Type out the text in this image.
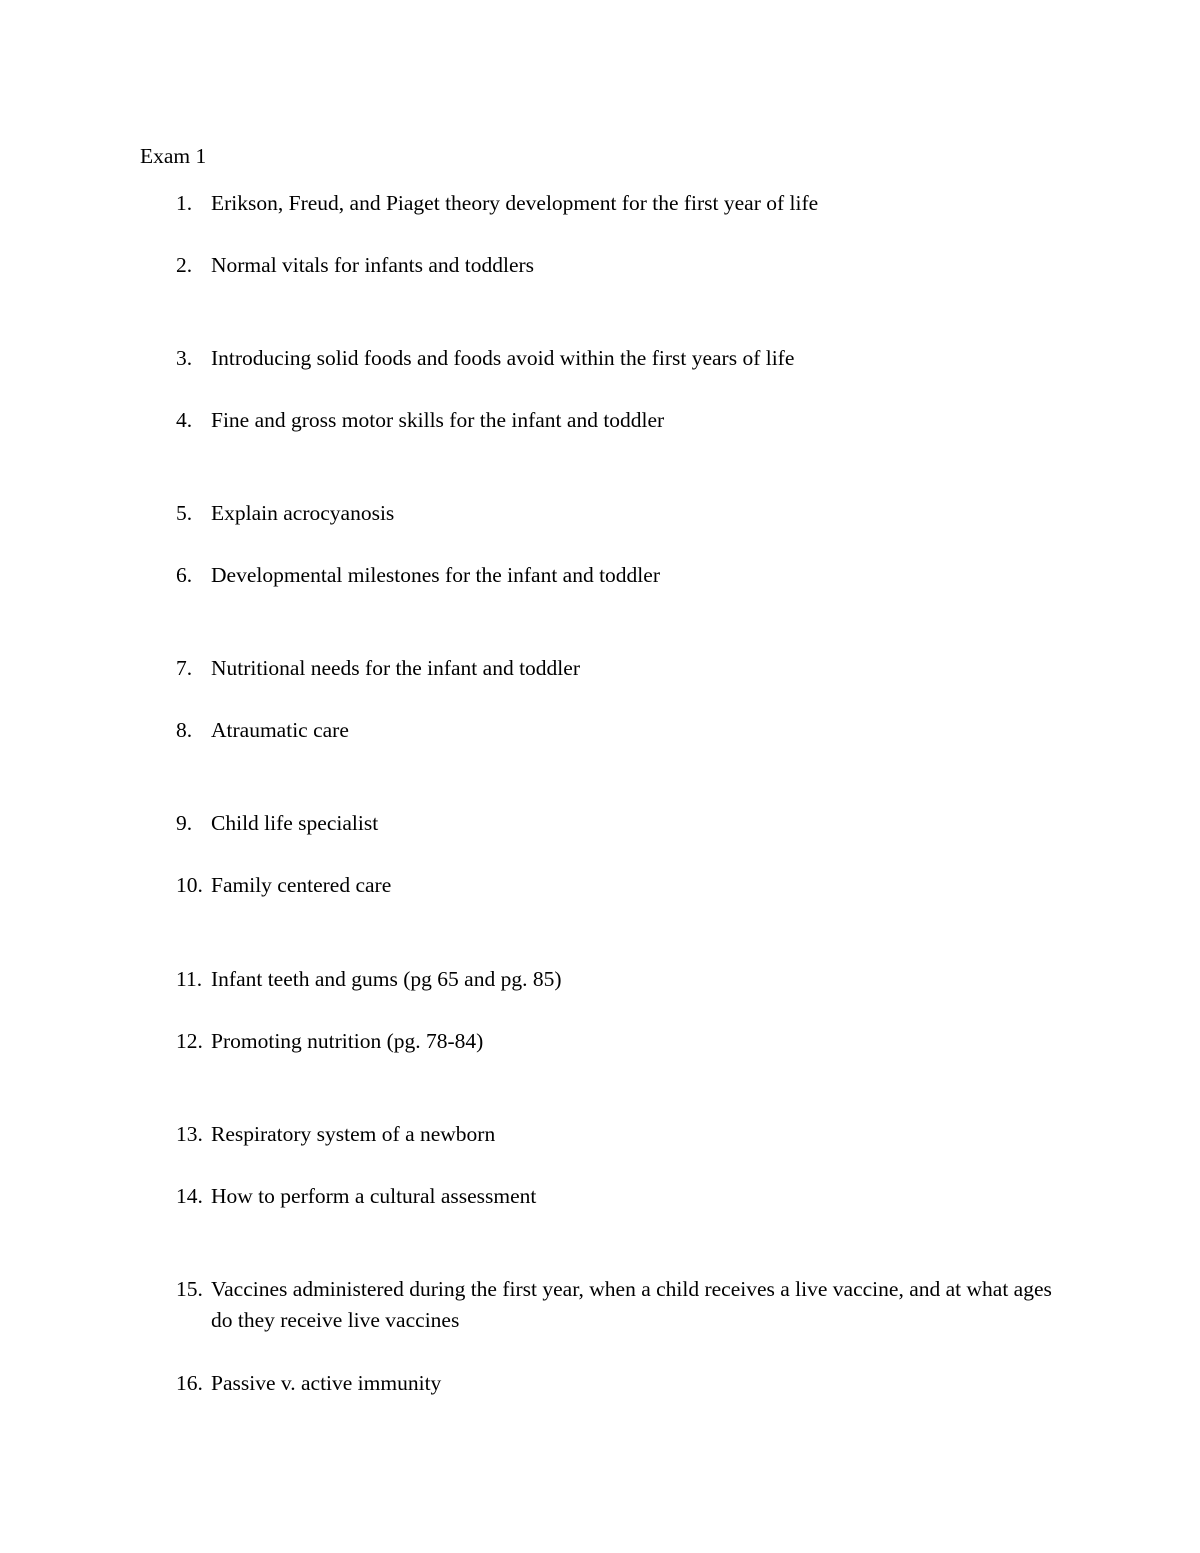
Exam 1
1. Erikson, Freud, and Piaget theory development for the first year of life
2. Normal vitals for infants and toddlers
3. Introducing solid foods and foods avoid within the first years of life
4. Fine and gross motor skills for the infant and toddler
5. Explain acrocyanosis
6. Developmental milestones for the infant and toddler
7. Nutritional needs for the infant and toddler
8. Atraumatic care
9. Child life specialist
10. Family centered care
11. Infant teeth and gums (pg 65 and pg. 85)
12. Promoting nutrition (pg. 78-84)
13. Respiratory system of a newborn
14. How to perform a cultural assessment
15. Vaccines administered during the first year, when a child receives a live vaccine, and at what ages do they receive live vaccines
16. Passive v. active immunity
